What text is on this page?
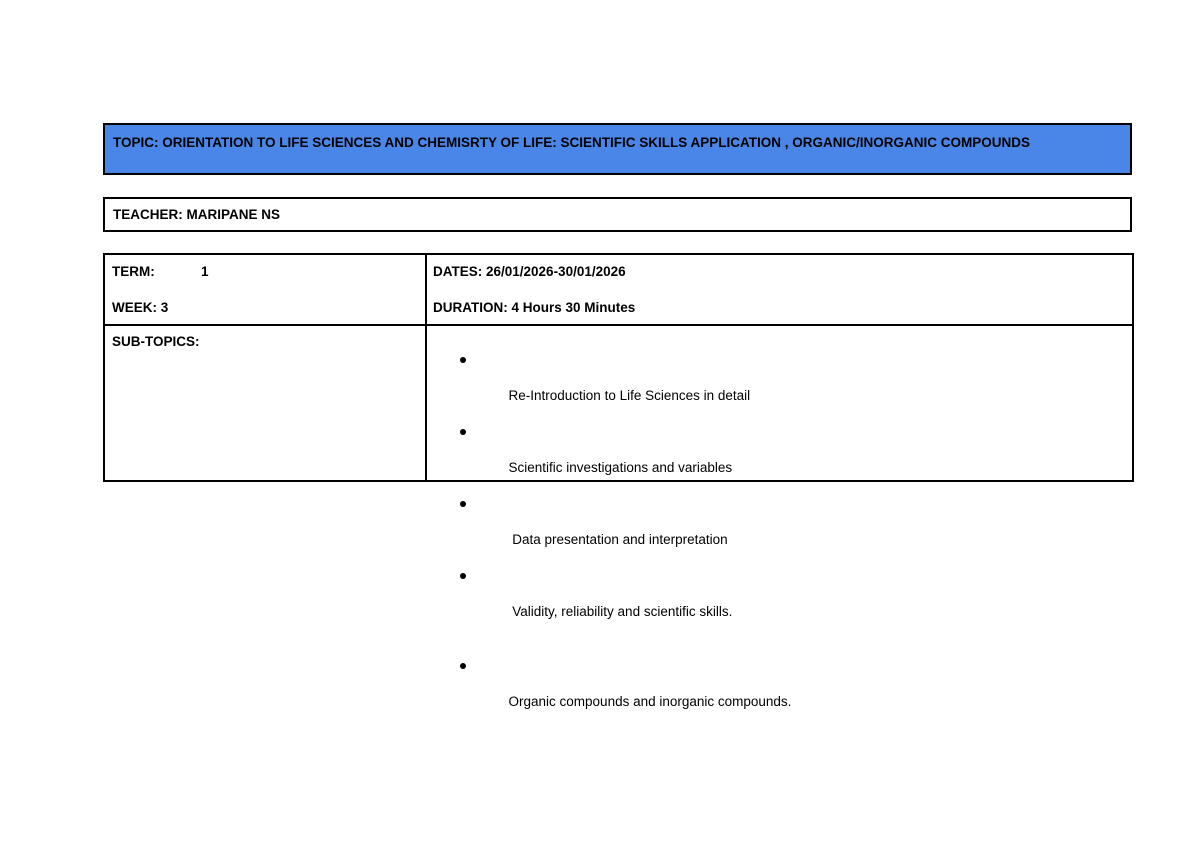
TOPIC: ORIENTATION TO LIFE SCIENCES AND CHEMISRTY OF LIFE: SCIENTIFIC SKILLS APPLICATION , ORGANIC/INORGANIC COMPOUNDS
TEACHER: MARIPANE NS
TERM:	1
WEEK: 3
DATES: 26/01/2026-30/01/2026
DURATION: 4 Hours 30 Minutes
SUB-TOPICS:

Re-Introduction to Life Sciences in detail

Scientific investigations and variables

Data presentation and interpretation

Validity, reliability and scientific skills.

Organic compounds and inorganic compounds.
